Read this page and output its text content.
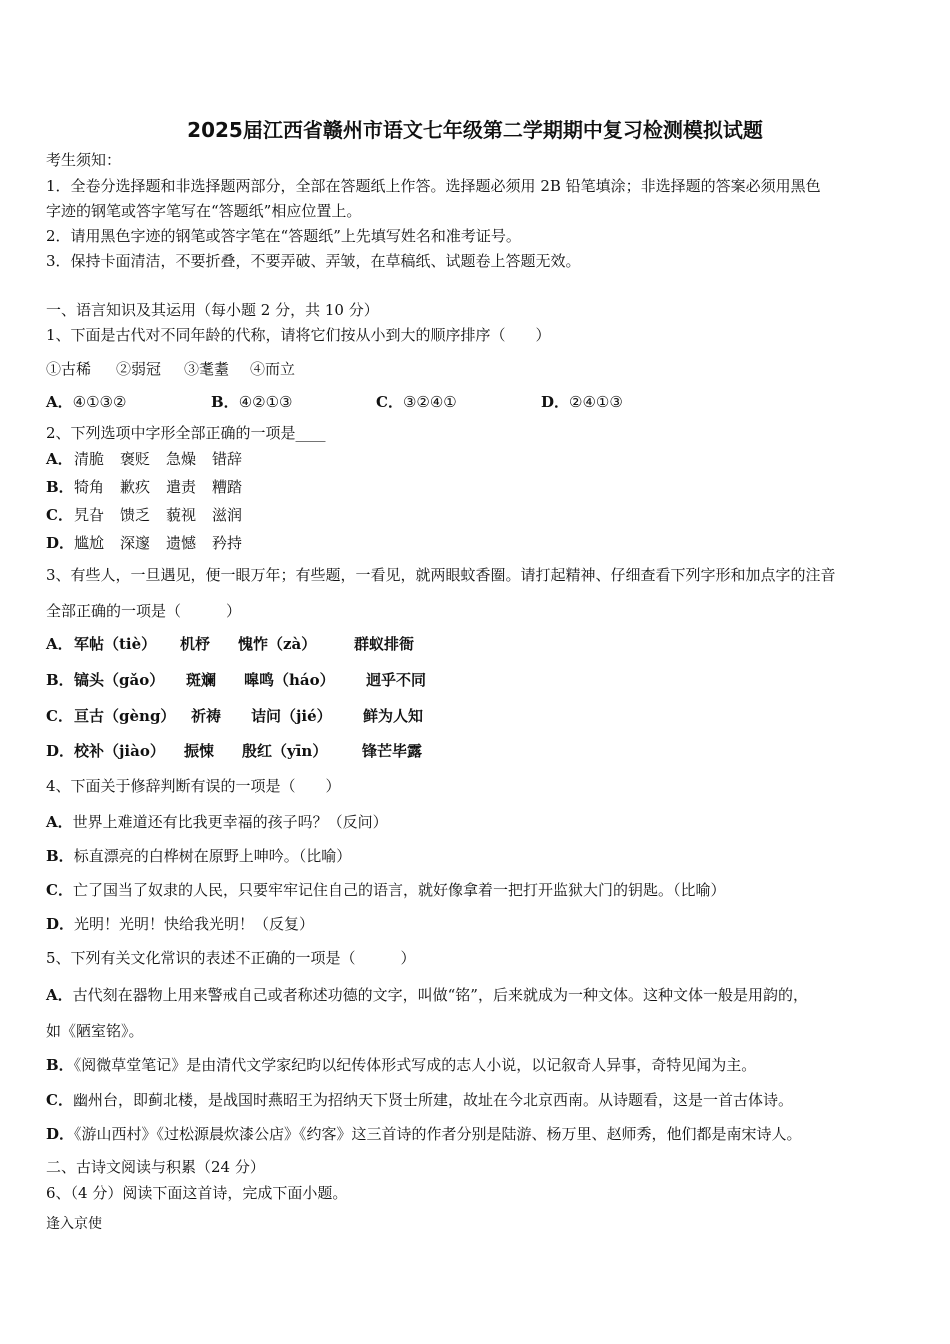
2025届江西省赣州市语文七年级第二学期期中复习检测模拟试题
考生须知：
1．全卷分选择题和非选择题两部分，全部在答题纸上作答。选择题必须用 2B 铅笔填涂；非选择题的答案必须用黑色
字迹的钢笔或答字笔写在“答题纸”相应位置上。
2．请用黑色字迹的钢笔或答字笔在“答题纸”上先填写姓名和准考证号。
3．保持卡面清洁，不要折叠，不要弄破、弄皱，在草稿纸、试题卷上答题无效。
一、语言知识及其运用（每小题 2 分，共 10 分）
1、下面是古代对不同年龄的代称，请将它们按从小到大的顺序排序（　　）
①古稀 ②弱冠 ③耄耋 ④而立
A．④①③②	B．④②①③	C．③②④①	D．②④①③
2、下列选项中字形全部正确的一项是____
A．清脆 褒贬 急燥 错辞
B．犄角 歉疚 遣责 糟踏
C．旯旮 馈乏 藐视 滋润
D．尴尬 深邃 遗憾 矜持
3、有些人，一旦遇见，便一眼万年；有些题，一看见，就两眼蚊香圈。请打起精神、仔细查看下列字形和加点字的注音
全部正确的一项是（　　　）
A．军帖（tiè） 机杼 愧怍（zà）	群蚁排衙
B．镐头（gǎo） 斑斓 嗥鸣（háo） 迥乎不同
C．亘古（gèng） 祈祷 诘问（jié） 鲜为人知
D．校补（jiào） 振悚 殷红（yīn） 锋芒毕露
4、下面关于修辞判断有误的一项是（　　）
A．世界上难道还有比我更幸福的孩子吗？（反问）
B．标直漂亮的白桦树在原野上呻吟。（比喻）
C．亡了国当了奴隶的人民，只要牢牢记住自己的语言，就好像拿着一把打开监狱大门的钥匙。（比喻）
D．光明！光明！快给我光明！（反复）
5、下列有关文化常识的表述不正确的一项是（　　　）
A．古代刻在器物上用来警戒自己或者称述功德的文字，叫做“铭”，后来就成为一种文体。这种文体一般是用韵的，
如《陋室铭》。
B．《阅微草堂笔记》是由清代文学家纪昀以纪传体形式写成的志人小说，以记叙奇人异事，奇特见闻为主。
C．幽州台，即蓟北楼，是战国时燕昭王为招纳天下贤士所建，故址在今北京西南。从诗题看，这是一首古体诗。
D．《游山西村》《过松源晨炊漆公店》《约客》这三首诗的作者分别是陆游、杨万里、赵师秀，他们都是南宋诗人。
二、古诗文阅读与积累（24 分）
6、（4 分）阅读下面这首诗，完成下面小题。
逢入京使
